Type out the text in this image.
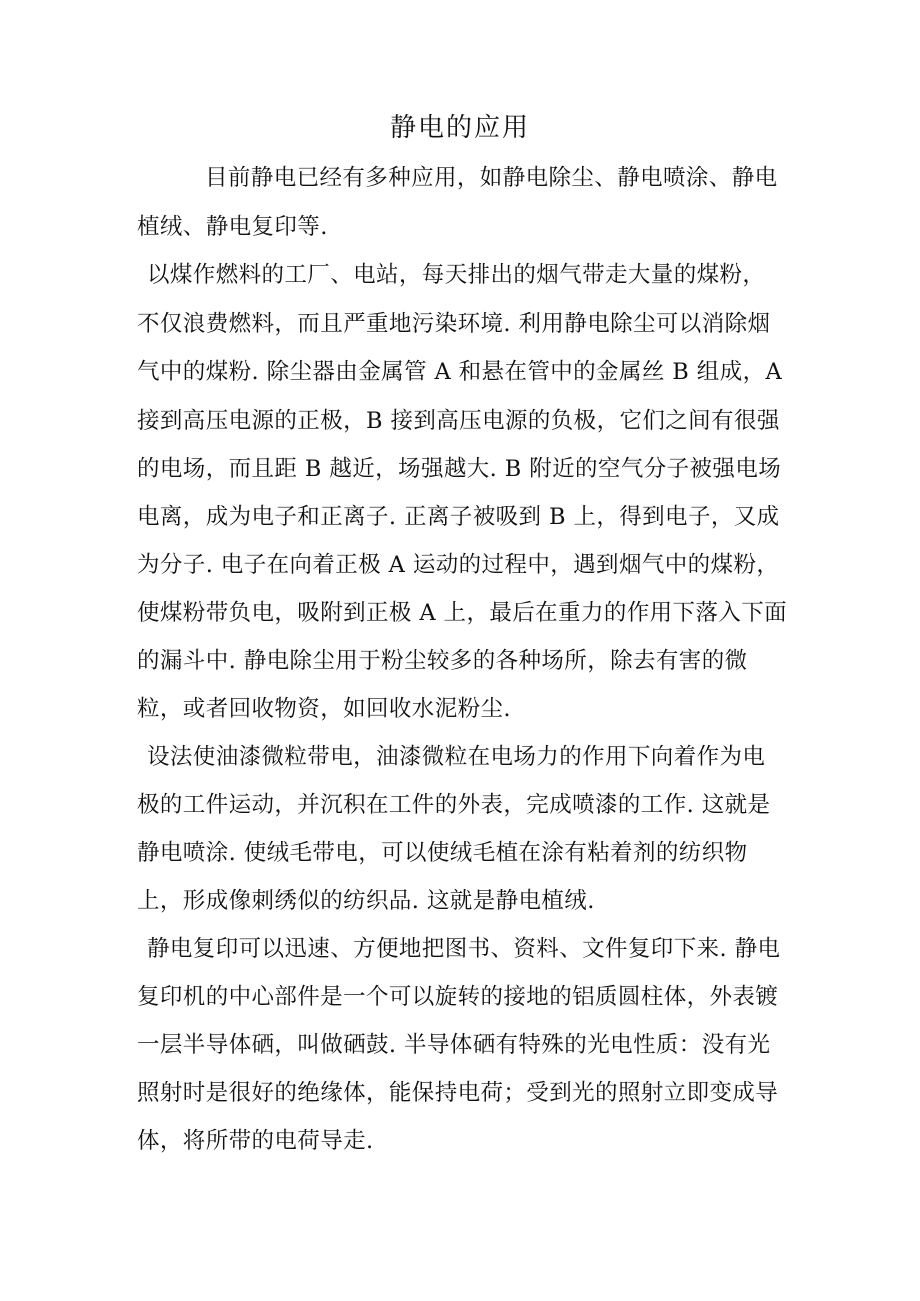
静电的应用

目前静电已经有多种应用，如静电除尘、静电喷涂、静电

植绒、静电复印等.

以煤作燃料的工厂、电站，每天排出的烟气带走大量的煤粉，

不仅浪费燃料，而且严重地污染环境. 利用静电除尘可以消除烟

气中的煤粉. 除尘器由金属管 A 和悬在管中的金属丝 B 组成，A

接到高压电源的正极，B 接到高压电源的负极，它们之间有很强

的电场，而且距 B 越近，场强越大. B 附近的空气分子被强电场

电离，成为电子和正离子. 正离子被吸到 B 上，得到电子，又成

为分子. 电子在向着正极 A 运动的过程中，遇到烟气中的煤粉，

使煤粉带负电，吸附到正极 A 上，最后在重力的作用下落入下面

的漏斗中. 静电除尘用于粉尘较多的各种场所，除去有害的微

粒，或者回收物资，如回收水泥粉尘.

设法使油漆微粒带电，油漆微粒在电场力的作用下向着作为电

极的工件运动，并沉积在工件的外表，完成喷漆的工作. 这就是

静电喷涂. 使绒毛带电，可以使绒毛植在涂有粘着剂的纺织物

上，形成像刺绣似的纺织品. 这就是静电植绒.

静电复印可以迅速、方便地把图书、资料、文件复印下来. 静电

复印机的中心部件是一个可以旋转的接地的铝质圆柱体，外表镀

一层半导体硒，叫做硒鼓. 半导体硒有特殊的光电性质：没有光

照射时是很好的绝缘体，能保持电荷；受到光的照射立即变成导

体，将所带的电荷导走.
